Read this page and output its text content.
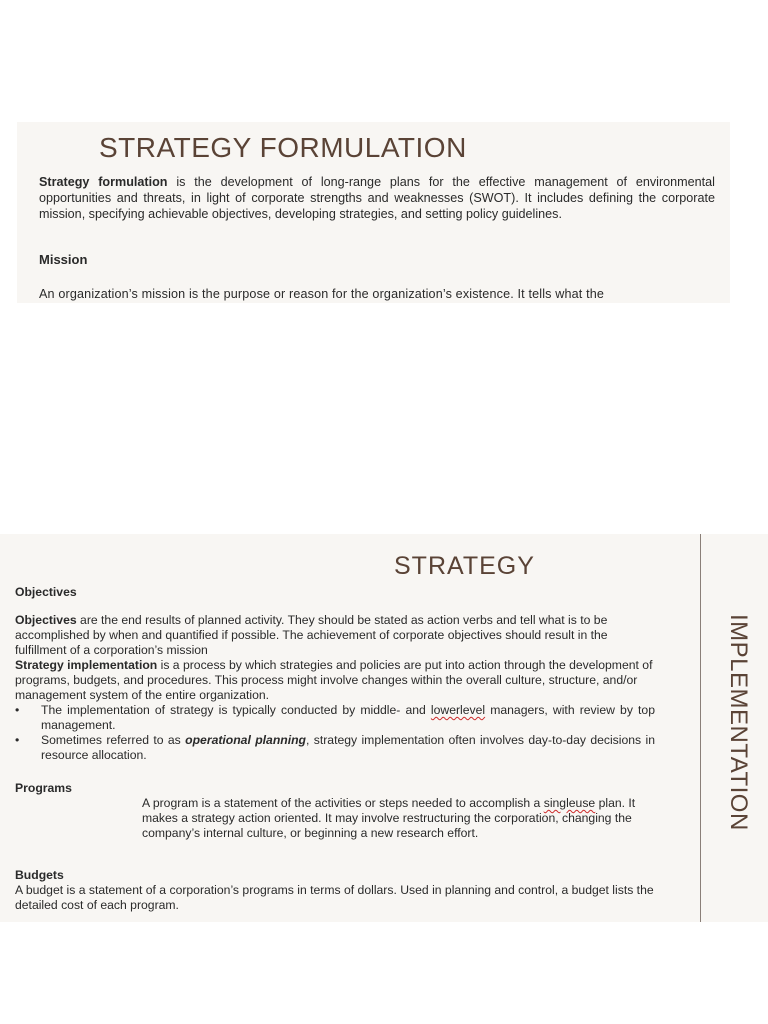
STRATEGY FORMULATION

Strategy formulation is the development of long-range plans for the effective management of environmental opportunities and threats, in light of corporate strengths and weaknesses (SWOT). It includes defining the corporate mission, specifying achievable objectives, developing strategies, and setting policy guidelines.

Mission

An organization’s mission is the purpose or reason for the organization’s existence. It tells what the

STRATEGY
IMPLEMENTATION
Objectives

Objectives are the end results of planned activity. They should be stated as action verbs and tell what is to be accomplished by when and quantified if possible. The achievement of corporate objectives should result in the fulfillment of a corporation’s mission

Strategy implementation is a process by which strategies and policies are put into action through the development of programs, budgets, and procedures. This process might involve changes within the overall culture, structure, and/or management system of the entire organization.

• The implementation of strategy is typically conducted by middle- and lowerlevel managers, with review by top management.
• Sometimes referred to as operational planning, strategy implementation often involves day-to-day decisions in resource allocation.
Programs

A program is a statement of the activities or steps needed to accomplish a singleuse plan. It makes a strategy action oriented. It may involve restructuring the corporation, changing the company’s internal culture, or beginning a new research effort.

Budgets

A budget is a statement of a corporation’s programs in terms of dollars. Used in planning and control, a budget lists the detailed cost of each program.
